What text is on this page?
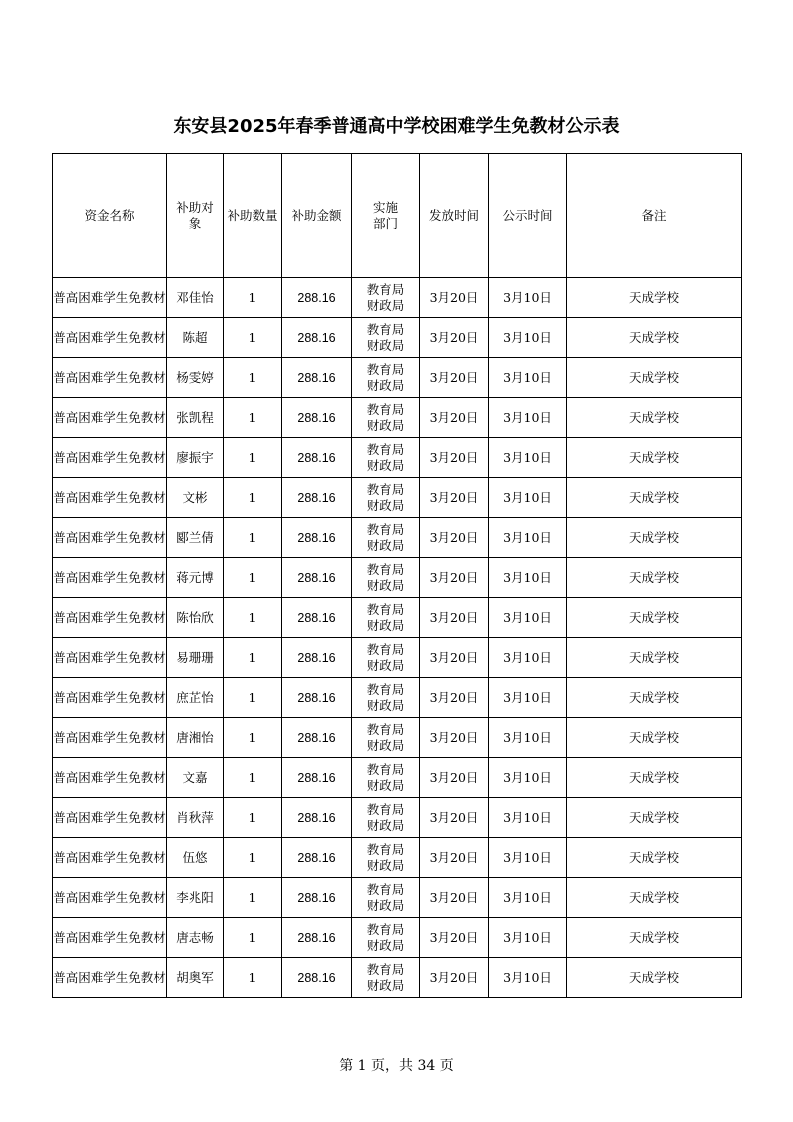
东安县2025年春季普通高中学校困难学生免教材公示表
资金名称	补助对象	补助数量	补助金额	实施　部门	发放时间	公示时间	备注
普高困难学生免教材	邓佳怡	1	288.16	教育局财政局	3月20日	3月10日	天成学校
普高困难学生免教材	陈超	1	288.16	教育局财政局	3月20日	3月10日	天成学校
普高困难学生免教材	杨雯婷	1	288.16	教育局财政局	3月20日	3月10日	天成学校
普高困难学生免教材	张凯程	1	288.16	教育局财政局	3月20日	3月10日	天成学校
普高困难学生免教材	廖振宇	1	288.16	教育局财政局	3月20日	3月10日	天成学校
普高困难学生免教材	文彬	1	288.16	教育局财政局	3月20日	3月10日	天成学校
普高困难学生免教材	郾兰倩	1	288.16	教育局财政局	3月20日	3月10日	天成学校
普高困难学生免教材	蒋元博	1	288.16	教育局财政局	3月20日	3月10日	天成学校
普高困难学生免教材	陈怡欣	1	288.16	教育局财政局	3月20日	3月10日	天成学校
普高困难学生免教材	易珊珊	1	288.16	教育局财政局	3月20日	3月10日	天成学校
普高困难学生免教材	庶芷怡	1	288.16	教育局财政局	3月20日	3月10日	天成学校
普高困难学生免教材	唐湘怡	1	288.16	教育局财政局	3月20日	3月10日	天成学校
普高困难学生免教材	文嘉	1	288.16	教育局财政局	3月20日	3月10日	天成学校
普高困难学生免教材	肖秋萍	1	288.16	教育局财政局	3月20日	3月10日	天成学校
普高困难学生免教材	伍悠	1	288.16	教育局财政局	3月20日	3月10日	天成学校
普高困难学生免教材	李兆阳	1	288.16	教育局财政局	3月20日	3月10日	天成学校
普高困难学生免教材	唐志畅	1	288.16	教育局财政局	3月20日	3月10日	天成学校
普高困难学生免教材	胡奥军	1	288.16	教育局财政局	3月20日	3月10日	天成学校
第 1 页，共 34 页
